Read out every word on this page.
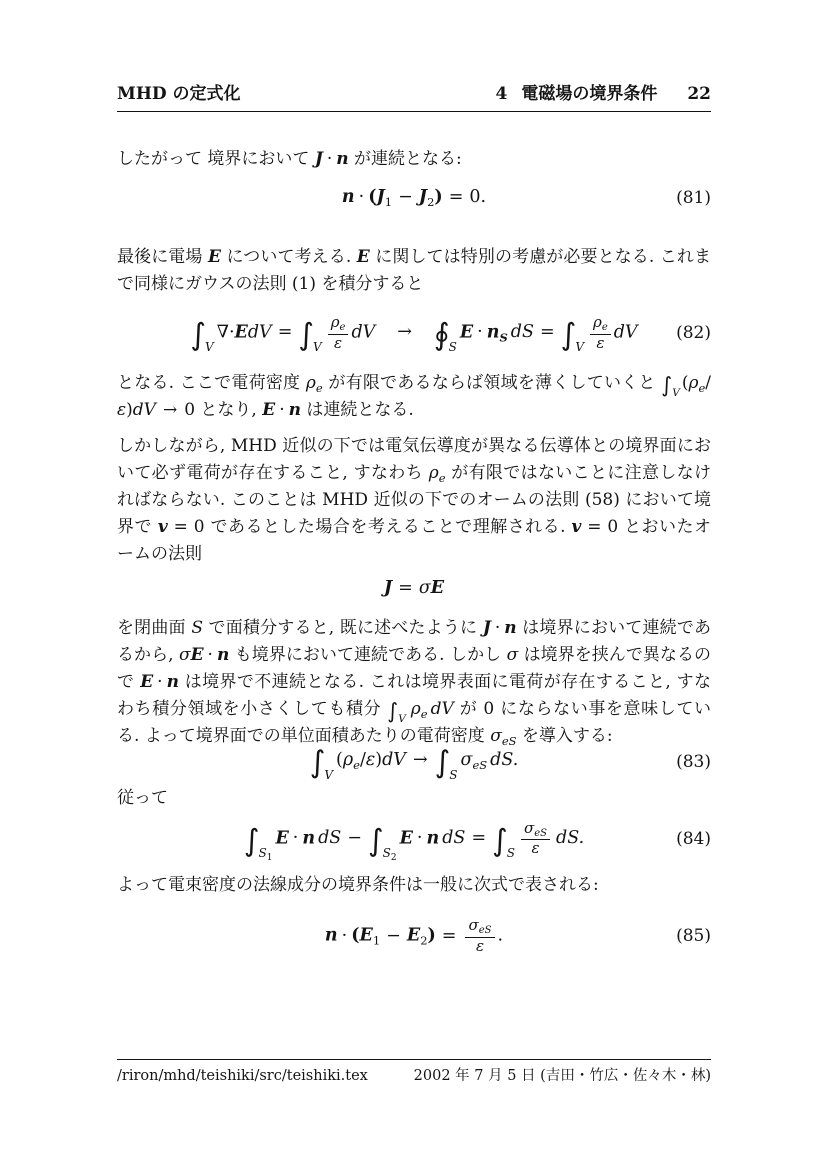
MHD の定式化	4 電磁場の境界条件 22

したがって 境界において J · n が連続となる:

$n \cdot (J_1 - J_2) = 0$.	(81)

最後に電場 E について考える. E に関しては特別の考慮が必要となる. これまで同様にガウスの法則 (1) を積分すると

$\int V\nabla\cdot EdV = \int V \frac{\rho_e}{\varepsilon}$ dV → ∮SE · $n_S$ dS = $\int V \frac{\rho_e}{\varepsilon}$ dV (82)

となる. ここで電荷密度 $\rho_e$ が有限であるならば領域を薄くしていくと $\int_V$ $(\rho_e/\varepsilon)dV \to 0$ となり, E · n は連続となる.

しかしながら, MHD 近似の下では電気伝導度が異なる伝導体との境界面において必ず電荷が存在すること, すなわち $\rho_e$ が有限ではないことに注意しなければならない. このことは MHD 近似の下でのオームの法則 (58) において境界で v = 0 であるとした場合を考えることで理解される. v = 0 とおいたオームの法則

J = σE

を閉曲面 S で面積分すると, 既に述べたように J · n は境界において連続であるから, σE · n も境界において連続である. しかし σ は境界を挟んで異なるので E · n は境界で不連続となる. これは境界表面に電荷が存在すること, すなわち積分領域を小さくしても積分 $\int_V$ $\rho_e$ dV が 0 にならない事を意味している. よって境界面での単位面積あたりの電荷密度 $\sigma_{eS}$ を導入する:

$\int V(\rho_e/\varepsilon)dV \to \int S\sigma_{eS}$ dS.	(83)

従って

$\int S_1E \cdot n$ dS − $\int S_2E \cdot n$ dS = $\int S \frac{\sigma_{eS}}{\varepsilon}$ dS.	(84)

よって電束密度の法線成分の境界条件は一般に次式で表される:

$n \cdot (E_1 - E_2) = \frac{\sigma_{eS}}{\varepsilon}$ .	(85)
/riron/mhd/teishiki/src/teishiki.tex	2002 年 7 月 5 日 (吉田・竹広・佐々木・林)
